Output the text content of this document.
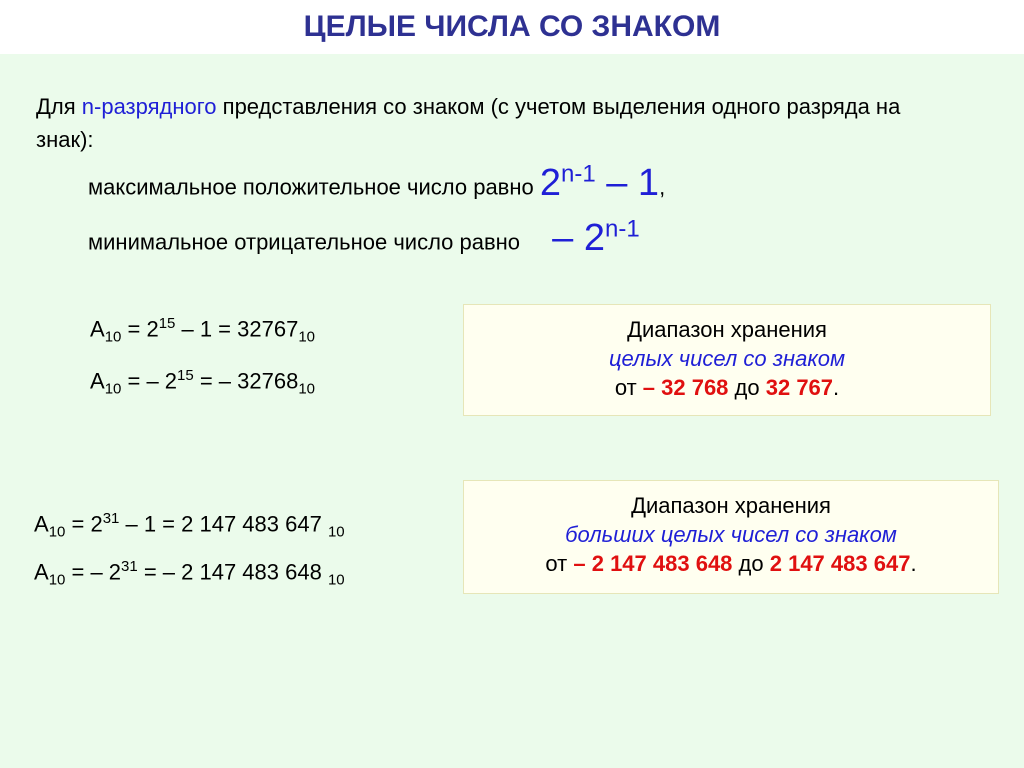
ЦЕЛЫЕ ЧИСЛА СО ЗНАКОМ
Для n-разрядного представления со знаком (с учетом выделения одного разряда на знак):
максимальное положительное число равно 2$^{n-1}$ – 1,
минимальное отрицательное число равно – 2$^{n-1}$
$A_{10} = 2^{15} - 1 = 32767_{10}$
$A_{10}$ = – $2^{15}$ = – $32768_{10}$
Диапазон хранения
целых чисел со знаком
от – 32 768 до 32 767.
$A_{10} = 2^{31} - 1 = 2$ 147 483 647 $_{10}$
$A_{10}$ = – $2^{31}$ = – 2 147 483 648 $_{10}$
Диапазон хранения
больших целых чисел со знаком
от – 2 147 483 648 до 2 147 483 647.
